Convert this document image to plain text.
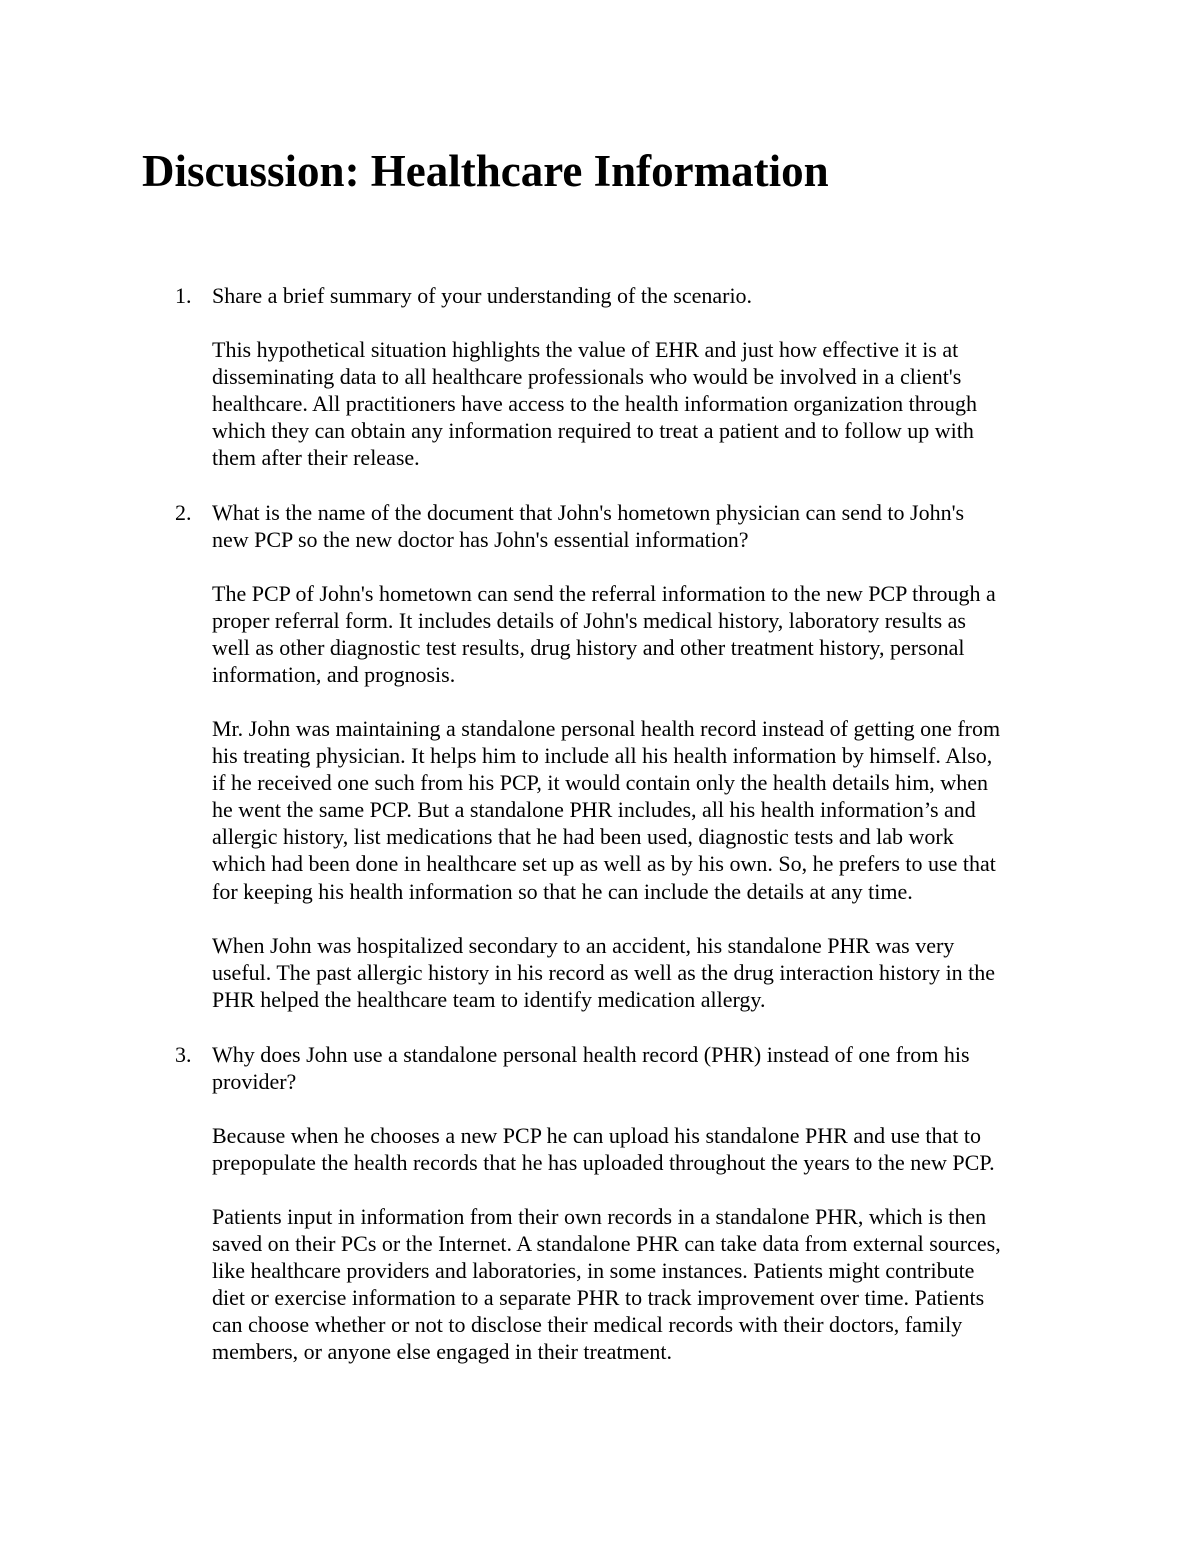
Discussion: Healthcare Information
1. Share a brief summary of your understanding of the scenario.

This hypothetical situation highlights the value of EHR and just how effective it is at
disseminating data to all healthcare professionals who would be involved in a client's
healthcare. All practitioners have access to the health information organization through
which they can obtain any information required to treat a patient and to follow up with
them after their release.

2. What is the name of the document that John's hometown physician can send to John's
new PCP so the new doctor has John's essential information?

The PCP of John's hometown can send the referral information to the new PCP through a
proper referral form. It includes details of John's medical history, laboratory results as
well as other diagnostic test results, drug history and other treatment history, personal
information, and prognosis.

Mr. John was maintaining a standalone personal health record instead of getting one from
his treating physician. It helps him to include all his health information by himself. Also,
if he received one such from his PCP, it would contain only the health details him, when
he went the same PCP. But a standalone PHR includes, all his health information’s and
allergic history, list medications that he had been used, diagnostic tests and lab work
which had been done in healthcare set up as well as by his own. So, he prefers to use that
for keeping his health information so that he can include the details at any time.

When John was hospitalized secondary to an accident, his standalone PHR was very
useful. The past allergic history in his record as well as the drug interaction history in the
PHR helped the healthcare team to identify medication allergy.

3. Why does John use a standalone personal health record (PHR) instead of one from his
provider?

Because when he chooses a new PCP he can upload his standalone PHR and use that to
prepopulate the health records that he has uploaded throughout the years to the new PCP.

Patients input in information from their own records in a standalone PHR, which is then
saved on their PCs or the Internet. A standalone PHR can take data from external sources,
like healthcare providers and laboratories, in some instances. Patients might contribute
diet or exercise information to a separate PHR to track improvement over time. Patients
can choose whether or not to disclose their medical records with their doctors, family
members, or anyone else engaged in their treatment.
